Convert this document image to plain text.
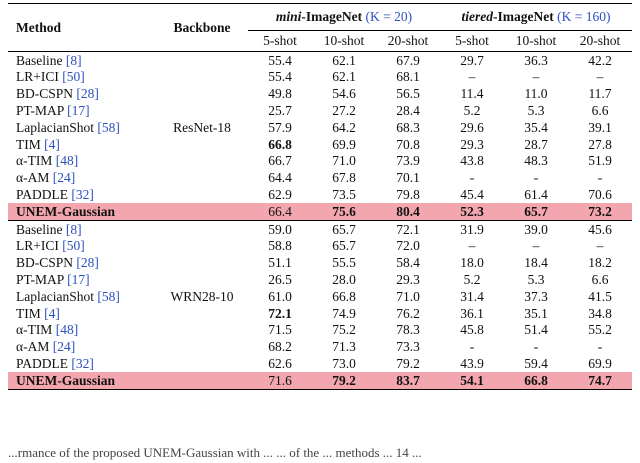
Method	Backbone	mini-ImageNet (K = 20)			tiered-ImageNet (K = 160)		
		5-shot	10-shot	20-shot	5-shot	10-shot	20-shot
Baseline [8]		55.4	62.1	67.9	29.7	36.3	42.2
LR+ICI [50]		55.4	62.1	68.1	–	–	–
BD-CSPN [28]		49.8	54.6	56.5	11.4	11.0	11.7
PT-MAP [17]		25.7	27.2	28.4	5.2	5.3	6.6
LaplacianShot [58]	ResNet-18	57.9	64.2	68.3	29.6	35.4	39.1
TIM [4]		66.8	69.9	70.8	29.3	28.7	27.8
α-TIM [48]		66.7	71.0	73.9	43.8	48.3	51.9
α-AM [24]		64.4	67.8	70.1	-	-	-
PADDLE [32]		62.9	73.5	79.8	45.4	61.4	70.6
UNEM-Gaussian		66.4	75.6	80.4	52.3	65.7	73.2
Baseline [8]		59.0	65.7	72.1	31.9	39.0	45.6
LR+ICI [50]		58.8	65.7	72.0	–	–	–
BD-CSPN [28]		51.1	55.5	58.4	18.0	18.4	18.2
PT-MAP [17]		26.5	28.0	29.3	5.2	5.3	6.6
LaplacianShot [58]	WRN28-10	61.0	66.8	71.0	31.4	37.3	41.5
TIM [4]		72.1	74.9	76.2	36.1	35.1	34.8
α-TIM [48]		71.5	75.2	78.3	45.8	51.4	55.2
α-AM [24]		68.2	71.3	73.3	-	-	-
PADDLE [32]		62.6	73.0	79.2	43.9	59.4	69.9
UNEM-Gaussian		71.6	79.2	83.7	54.1	66.8	74.7
...rmance of the proposed UNEM-Gaussian with ... ... of the ... methods ... 14 ...
